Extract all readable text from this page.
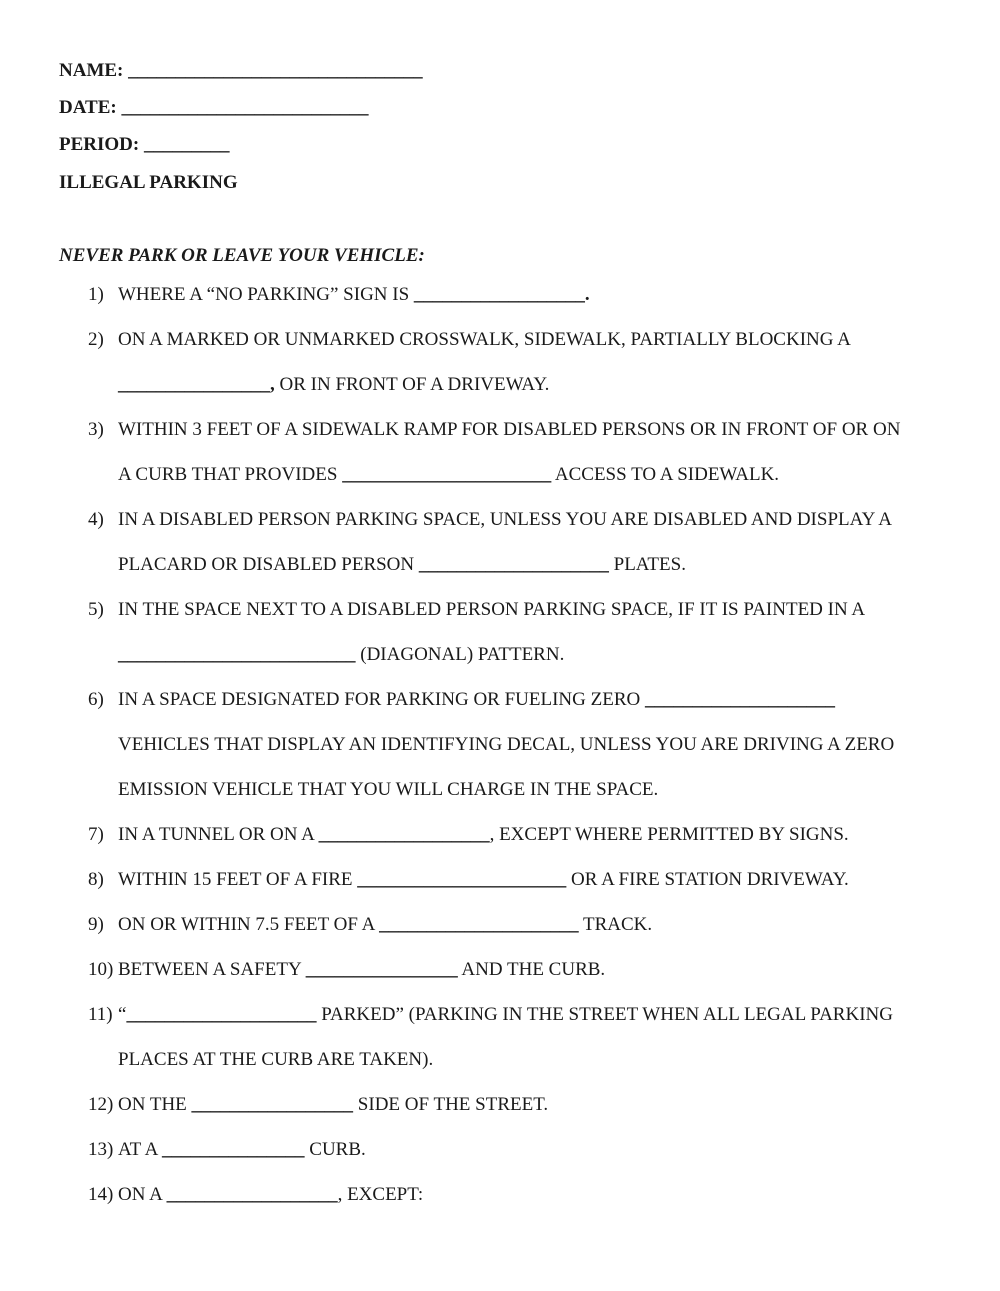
NAME: _______________________________
DATE: __________________________
PERIOD: _________
ILLEGAL PARKING
NEVER PARK OR LEAVE YOUR VEHICLE:
1) WHERE A “NO PARKING” SIGN IS __________________.
2) ON A MARKED OR UNMARKED CROSSWALK, SIDEWALK, PARTIALLY BLOCKING A
________________, OR IN FRONT OF A DRIVEWAY.
3) WITHIN 3 FEET OF A SIDEWALK RAMP FOR DISABLED PERSONS OR IN FRONT OF OR ON
A CURB THAT PROVIDES ______________________ ACCESS TO A SIDEWALK.
4) IN A DISABLED PERSON PARKING SPACE, UNLESS YOU ARE DISABLED AND DISPLAY A
PLACARD OR DISABLED PERSON ____________________ PLATES.
5) IN THE SPACE NEXT TO A DISABLED PERSON PARKING SPACE, IF IT IS PAINTED IN A
_________________________ (DIAGONAL) PATTERN.
6) IN A SPACE DESIGNATED FOR PARKING OR FUELING ZERO ____________________
VEHICLES THAT DISPLAY AN IDENTIFYING DECAL, UNLESS YOU ARE DRIVING A ZERO
EMISSION VEHICLE THAT YOU WILL CHARGE IN THE SPACE.
7) IN A TUNNEL OR ON A __________________, EXCEPT WHERE PERMITTED BY SIGNS.
8) WITHIN 15 FEET OF A FIRE ______________________ OR A FIRE STATION DRIVEWAY.
9) ON OR WITHIN 7.5 FEET OF A _____________________ TRACK.
10) BETWEEN A SAFETY ________________ AND THE CURB.
11) “____________________ PARKED” (PARKING IN THE STREET WHEN ALL LEGAL PARKING
PLACES AT THE CURB ARE TAKEN).
12) ON THE _________________ SIDE OF THE STREET.
13) AT A _______________ CURB.
14) ON A __________________, EXCEPT:
